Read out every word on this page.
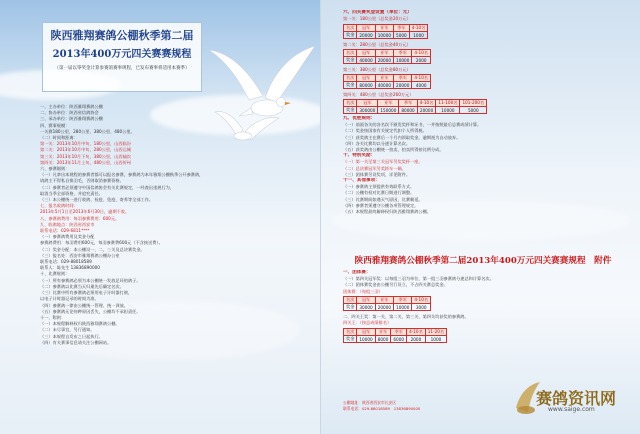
陕西雅翔赛鸽公棚秋季第二届
2013年400万元四关赛赛规程
（第一届以零奖金计算参赛鸽赛事规程，已发布赛事将适用本赛季）

一、主办单位：陕西雅翔赛鸽公棚

二、协办单位：陕西省信鸽协会

三、承办单位：陕西雅翔赛鸽公棚

四、赛事规模：

一关赛180公里、280公里、380公里、480公里。

（二）时间和距离：

第一关：2013年10月中旬，180公里，山西临汾

第二关：2013年10月中旬，280公里，山西运城

第三关：2013年10月下旬，380公里，山西榆次

第四关：2013年11月上旬，480公里，山西忻州

六、参赛细则：

（一）凡拿出本规程的参赛者都可以报名参赛，参赛鸽为本年雅翔公棚秋季公开参赛鸽，

请鸽主不得私自换羽毛，否则取消参赛资格。

（二）参赛者必须遵守中国信鸽协会有关比赛规定，一经查出违规行为，

取消当季全部资格，并追究责任。

（三）本公棚统一进行收鸽、检疫、免疫、寄养等全部工作。

七、报名收鸽时间：

2013年5月1日至2013年6月30日，逾期不收。

八、参赛鸽费用：每羽参赛费用：600元。

九、收鸽地点：陕西省西安市

联系电话：029-6811****

（一）参赛鸽费用及奖金分配

参赛鸽费用：每羽费用600元，每羽参赛费600元（不含接送费）。

（二）奖金分配：本公棚设一、二、三关及总决赛奖金。

（三）报名处：西安市雅翔赛鸽公棚办公室

联系电话：029-88018589

联系人：陈先生 13836890000

十、比赛规则：

（一）所有参赛鸽必须为本公棚统一发放足环的鸽子。

（二）参赛鸽以比赛当天归巢先后确定名次。

（三）比赛中所有参赛鸽必须用电子计时器打鸽，

以电子计时器记录的时间为准。

（四）参赛鸽一律由公棚统一管理、统一训放。

（五）参赛鸽无论何种原因丢失，公棚均不承担责任。

十一、附则：

（一）本规程解释权归陕西雅翔赛鸽公棚。

（二）未尽事宜，另行通知。

（三）本规程自发布之日起执行。

（四）有关赛事信息请关注公棚网站。

六、四关赛奖金设置（单位：元）

第一关：180公里（总奖金20万元）

名次	冠军	亚军	季军	4-10名
奖金	20000	10000	5000	1000
第二关：280公里（总奖金40万元）
名次	冠军	亚军	季军	4-10名
奖金	40000	20000	10000	2000
第三关：380公里（总奖金80万元）
名次	冠军	亚军	季军	4-10名
奖金	80000	40000	20000	4000
第四关：480公里（总奖金260万元）
名次	冠军	亚军	季军	4-10名	11-100名	101-200名
奖金	300000	150000	80000	20000	10000	5000

九、优胜规则：

（一）前面各关的各名次不颁发奖杯和证书，一并按照最后总赛成绩计算。

（二）奖金按国家有关规定代扣个人所得税。

（三）获奖鸽主在赛后一个月内领取奖金，逾期视为自动放弃。

（四）各关比赛均以分速计算名次。

（五）获奖鸽由公棚统一拍卖，拍卖所得按比例分成。

十、特别奖励：

（一）第一关至第三关冠军另奖奖杯一座。

（二）总决赛冠军另奖轿车一辆。

（三）团体赛另设奖项，详见附件。

十一、其他事项：

（一）参赛鸽主须提供有效联系方式。

（二）公棚有权对比赛日期进行调整。

（三）比赛期间如遇天气原因，比赛顺延。

（四）参赛者须遵守公棚各项管理规定。

（五）本规程最终解释权归陕西雅翔赛鸽公棚。

陕西雅翔赛鸽公棚秋季第二届2013年400万元四关赛赛规程　附件

一、团体赛：

（一）第四关冠军奖：以每组三羽为单位，第一组三羽参赛鸽分速总和计算名次。

（二）团体赛奖金由公棚另行设立，不占四关赛总奖金。

团体赛：（每组三羽）

名次	冠军	亚军	季军	4-10名
奖金	30000	20000	10000	3000

二、四关王奖：第一关、第二关、第三关、第四关均获奖的参赛鸽。

四关王：（按总成绩排名）

名次	冠军	亚军	季军	4-10名	11-20名
奖金	10000	8000	6000	2000	1000

公棚地址：陕西省西安市长安区

联系电话：029-88018589　13836890000

赛鸽资讯网
www.saige.com
